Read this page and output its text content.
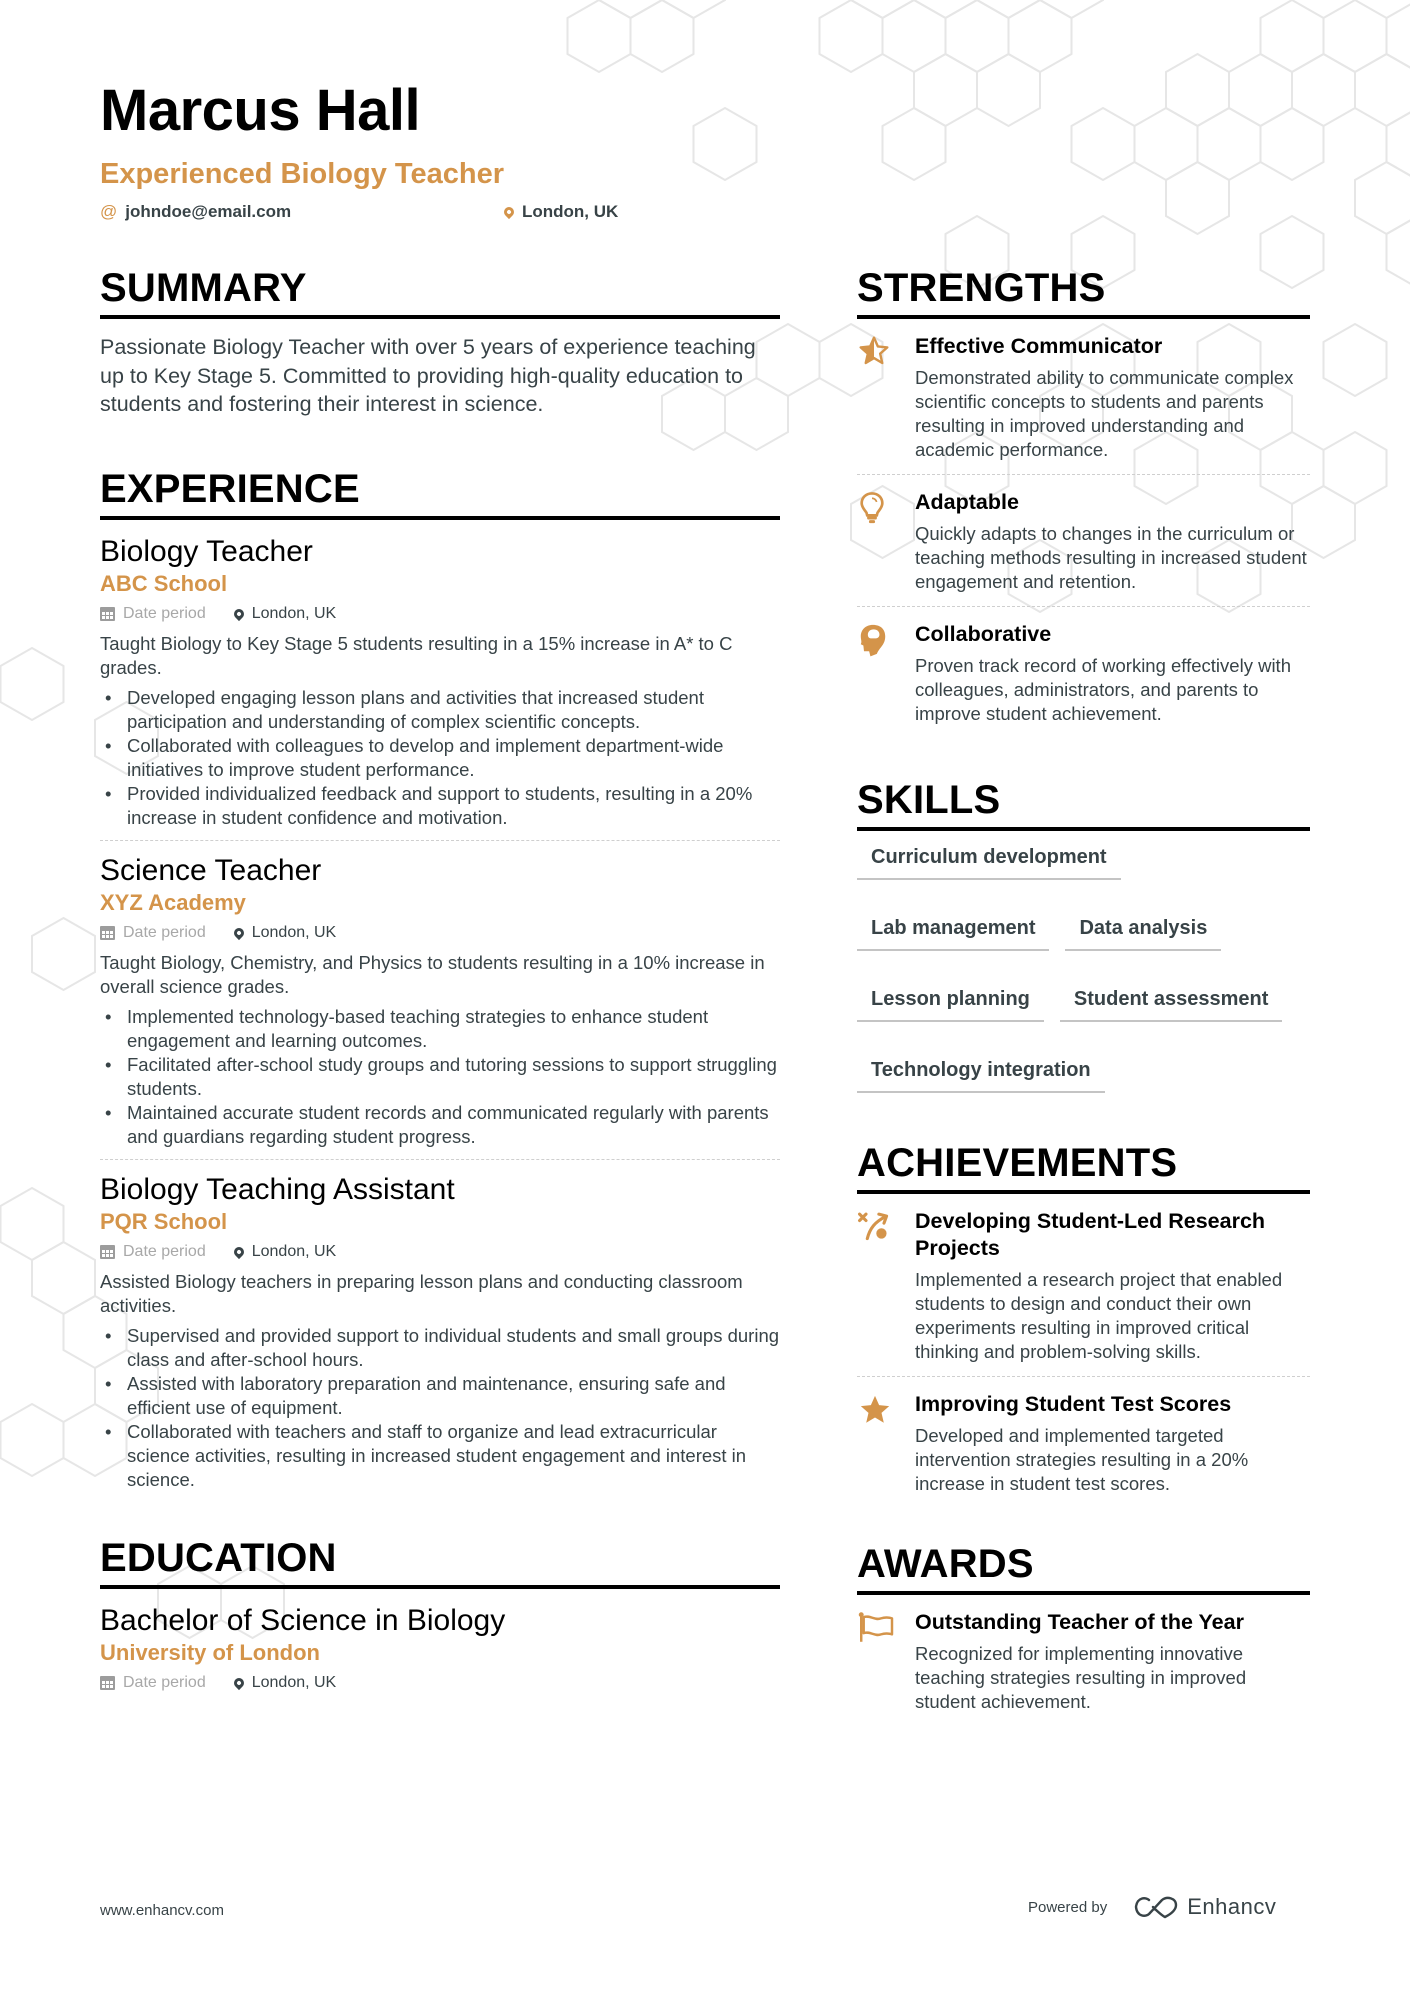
Marcus Hall
Experienced Biology Teacher
@ johndoe@email.com	London, UK
SUMMARY

Passionate Biology Teacher with over 5 years of experience teaching up to Key Stage 5. Committed to providing high-quality education to students and fostering their interest in science.

EXPERIENCE

Biology Teacher

ABC School

Date period	London, UK

Taught Biology to Key Stage 5 students resulting in a 15% increase in A* to C grades.

• Developed engaging lesson plans and activities that increased student participation and understanding of complex scientific concepts.
• Collaborated with colleagues to develop and implement department-wide initiatives to improve student performance.
• Provided individualized feedback and support to students, resulting in a 20% increase in student confidence and motivation.

Science Teacher

XYZ Academy

Date period	London, UK

Taught Biology, Chemistry, and Physics to students resulting in a 10% increase in overall science grades.

• Implemented technology-based teaching strategies to enhance student engagement and learning outcomes.
• Facilitated after-school study groups and tutoring sessions to support struggling students.
• Maintained accurate student records and communicated regularly with parents and guardians regarding student progress.

Biology Teaching Assistant

PQR School

Date period	London, UK

Assisted Biology teachers in preparing lesson plans and conducting classroom activities.

• Supervised and provided support to individual students and small groups during class and after-school hours.
• Assisted with laboratory preparation and maintenance, ensuring safe and efficient use of equipment.
• Collaborated with teachers and staff to organize and lead extracurricular science activities, resulting in increased student engagement and interest in science.
EDUCATION

Bachelor of Science in Biology

University of London

Date period	London, UK
STRENGTHS

Effective Communicator

Demonstrated ability to communicate complex scientific concepts to students and parents resulting in improved understanding and academic performance.

Adaptable

Quickly adapts to changes in the curriculum or teaching methods resulting in increased student engagement and retention.

Collaborative

Proven track record of working effectively with colleagues, administrators, and parents to improve student achievement.

SKILLS
Curriculum development
Lab management	Data analysis
Lesson planning	Student assessment
Technology integration
ACHIEVEMENTS

Developing Student-Led Research Projects

Implemented a research project that enabled students to design and conduct their own experiments resulting in improved critical thinking and problem-solving skills.

Improving Student Test Scores

Developed and implemented targeted intervention strategies resulting in a 20% increase in student test scores.

AWARDS

Outstanding Teacher of the Year

Recognized for implementing innovative teaching strategies resulting in improved student achievement.

www.enhancv.com	Powered by	Enhancv
